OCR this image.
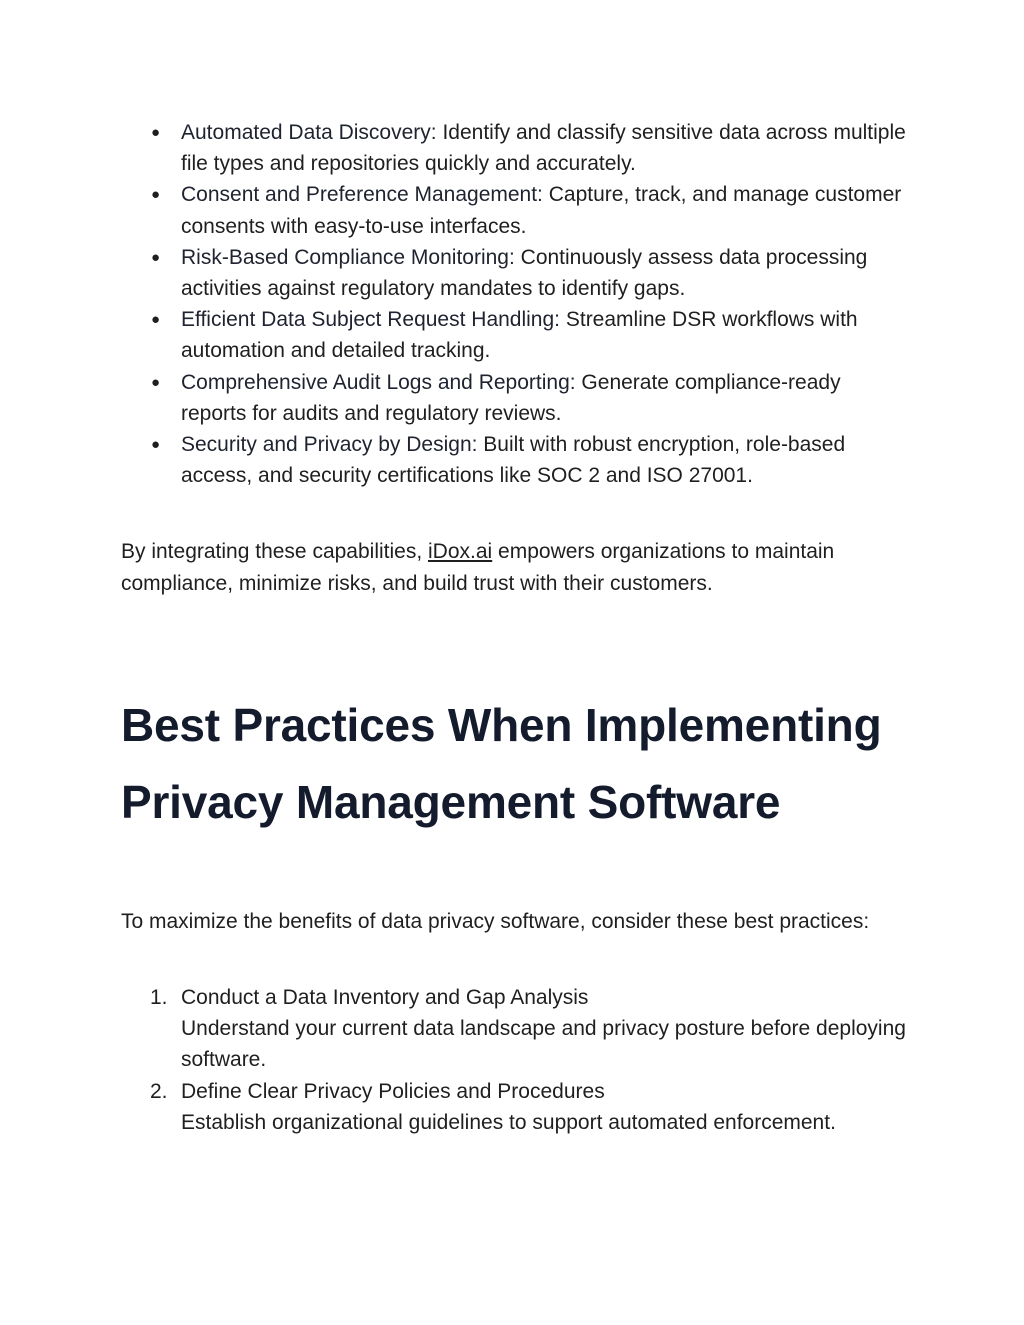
● Automated Data Discovery: Identify and classify sensitive data across multiple file types and repositories quickly and accurately.
● Consent and Preference Management: Capture, track, and manage customer consents with easy-to-use interfaces.
● Risk-Based Compliance Monitoring: Continuously assess data processing activities against regulatory mandates to identify gaps.
● Efficient Data Subject Request Handling: Streamline DSR workflows with automation and detailed tracking.
● Comprehensive Audit Logs and Reporting: Generate compliance-ready reports for audits and regulatory reviews.
● Security and Privacy by Design: Built with robust encryption, role-based access, and security certifications like SOC 2 and ISO 27001.

By integrating these capabilities, iDox.ai empowers organizations to maintain compliance, minimize risks, and build trust with their customers.

Best Practices When Implementing Privacy Management Software

To maximize the benefits of data privacy software, consider these best practices:

1. Conduct a Data Inventory and Gap Analysis
Understand your current data landscape and privacy posture before deploying software.
2. Define Clear Privacy Policies and Procedures
Establish organizational guidelines to support automated enforcement.
